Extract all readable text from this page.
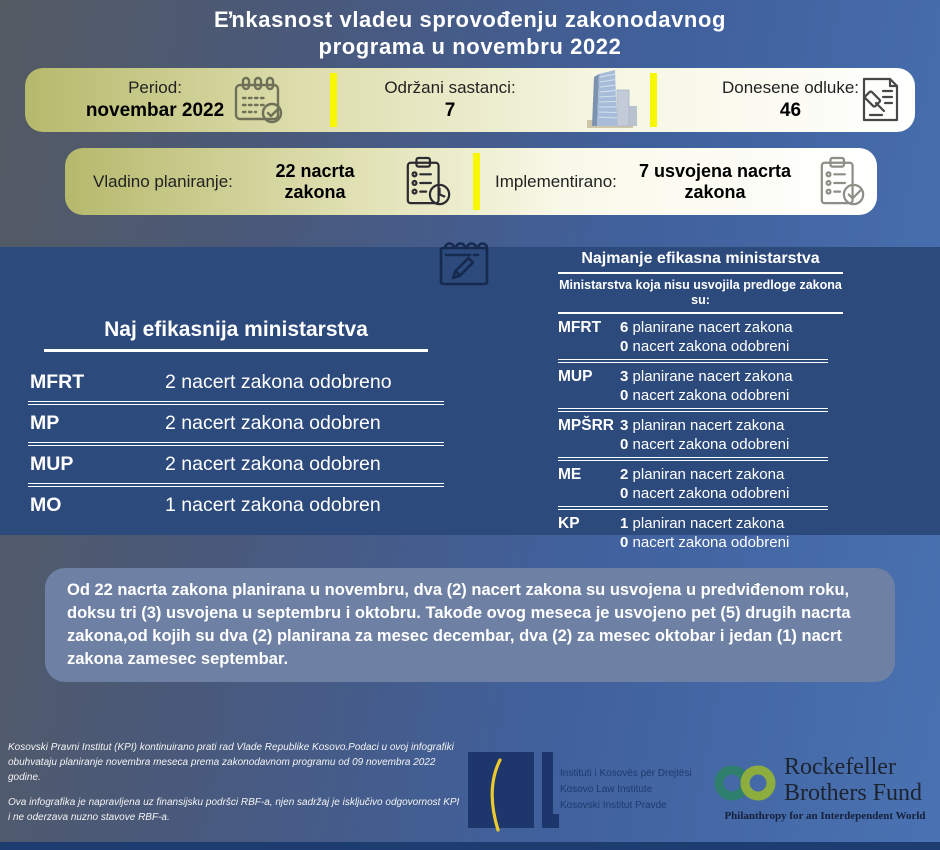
Eŉkasnost vladeu sprovođenju zakonodavnog
programa u novembru 2022
Period:
novembar 2022
Održani sastanci:
7
Donesene odluke:
46
Vladino planiranje:
22 nacrta zakona
Implementirano:
7 usvojena nacrta zakona
Naj efikasnija ministarstva
MFRT	2 nacert zakona odobreno
MP	2 nacert zakona odobren
MUP	2 nacert zakona odobren
MO	1 nacert zakona odobren
Najmanje efikasna ministarstva
Ministarstva koja nisu usvojila predloge zakona su:
MFRT	6 planirane nacert zakona
0 nacert zakona odobreni
MUP	3 planirane nacert zakona
0 nacert zakona odobreni
MPŠRR 3 planiran nacert zakona
0 nacert zakona odobreni
ME	2 planiran nacert zakona
0 nacert zakona odobreni
KP	1 planiran nacert zakona
0 nacert zakona odobreni

Od 22 nacrta zakona planirana u novembru, dva (2) nacert zakona su usvojena u predviđenom roku, doksu tri (3) usvojena u septembru i oktobru. Takođe ovog meseca je usvojeno pet (5) drugih nacrta zakona,od kojih su dva (2) planirana za mesec decembar, dva (2) za mesec oktobar i jedan (1) nacrt zakona zamesec septembar.

Kosovski Pravni Institut (KPI) kontinuirano prati rad Vlade Republike Kosovo.Podaci u ovoj infografiki obuhvataju planiranje novembra meseca prema zakonodavnom programu od 09 novembra 2022 godine.
Ova infografika je napravljena uz finansijsku podršci RBF-a, njen sadržaj je isključivo odgovornost KPI i ne oderzava nuzno stavove RBF-a.
Instituti i Kosovës për Drejtësi
Kosovo Law Institute
Kosovski Institut Pravde
Rockefeller
Brothers Fund
Philanthropy for an Interdependent World
